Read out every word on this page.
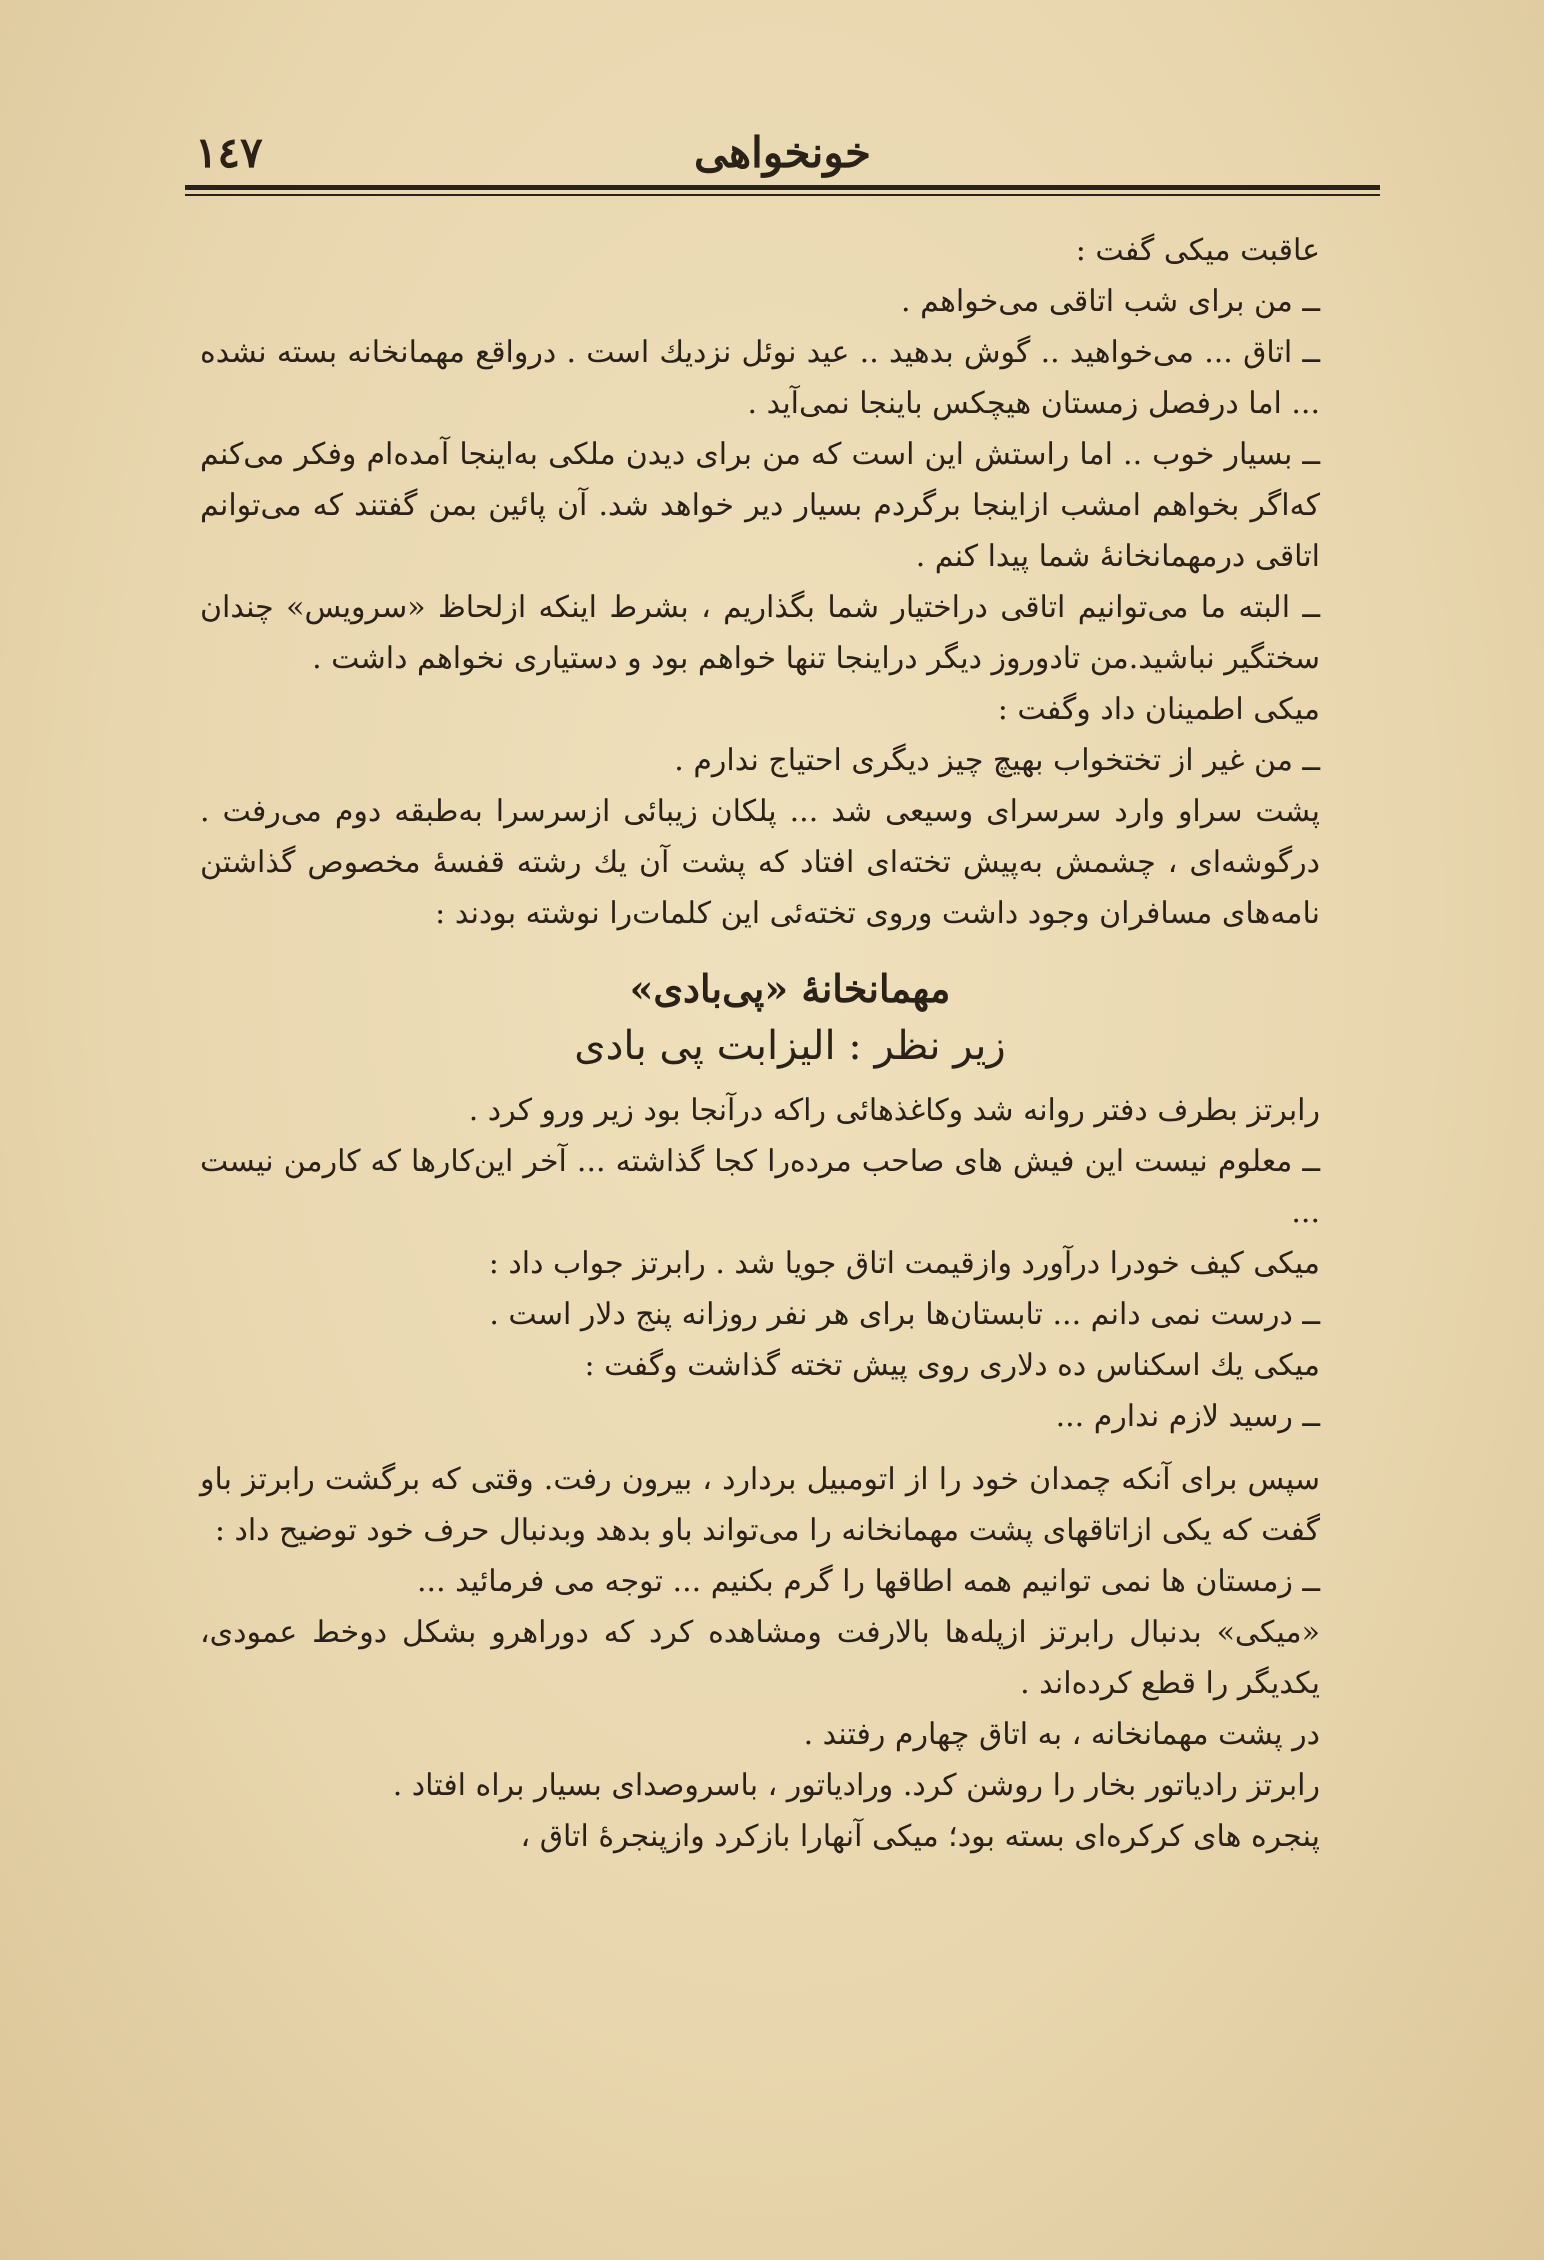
خونخواهی
۱٤۷

عاقبت میکی گفت :

ــ من برای شب اتاقی می‌خواهم .

ــ اتاق ... می‌خواهید .. گوش بدهید .. عید نوئل نزدیك است . درواقع مهمانخانه بسته نشده ... اما درفصل زمستان هیچکس باینجا نمی‌آید .

ــ بسیار خوب .. اما راستش این است که من برای دیدن ملکی به‌اینجا آمده‌ام وفکر می‌کنم که‌اگر بخواهم امشب ازاینجا برگردم بسیار دیر خواهد شد. آن پائین بمن گفتند که می‌توانم اتاقی درمهمانخانهٔ شما پیدا کنم .

ــ البته ما می‌توانیم اتاقی دراختیار شما بگذاریم ، بشرط اینکه ازلحاظ «سرویس» چندان سختگیر نباشید.من تادوروز دیگر دراینجا تنها خواهم بود و دستیاری نخواهم داشت .

میکی اطمینان داد وگفت :

ــ من غیر از تختخواب بهیچ چیز دیگری احتیاج ندارم .

پشت سراو وارد سرسرای وسیعی شد ... پلکان زیبائی ازسرسرا به‌طبقه دوم می‌رفت . درگوشه‌ای ، چشمش به‌پیش تخته‌ای افتاد که پشت آن یك رشته قفسهٔ مخصوص گذاشتن نامه‌های مسافران وجود داشت وروی تخته‌ئی این کلمات‌را نوشته بودند :

مهمانخانهٔ «پی‌بادی»
زیر نظر : الیزابت پی بادی

رابرتز بطرف دفتر روانه شد وکاغذهائی راکه درآنجا بود زیر ورو کرد .

ــ معلوم نیست این فیش های صاحب مرده‌را کجا گذاشته ... آخر این‌کارها که کارمن نیست ...

میکی کیف خودرا درآورد وازقیمت اتاق جویا شد . رابرتز جواب داد :

ــ درست نمی دانم ... تابستان‌ها برای هر نفر روزانه پنج دلار است .

میکی یك اسکناس ده دلاری روی پیش تخته گذاشت وگفت :

ــ رسید لازم ندارم ...

سپس برای آنکه چمدان خود را از اتومبیل بردارد ، بیرون رفت. وقتی که برگشت رابرتز باو گفت که یکی ازاتاقهای پشت مهمانخانه را می‌تواند باو بدهد وبدنبال حرف خود توضیح داد :

ــ زمستان ها نمی توانیم همه اطاقها را گرم بکنیم ... توجه می فرمائید ...

«میکی» بدنبال رابرتز ازپله‌ها بالارفت ومشاهده کرد که دوراهرو بشکل دوخط عمودی، یکدیگر را قطع کرده‌اند .

در پشت مهمانخانه ، به اتاق چهارم رفتند .

رابرتز رادیاتور بخار را روشن کرد. ورادیاتور ، باسروصدای بسیار براه افتاد .

پنجره های کرکره‌ای بسته بود؛ میکی آنهارا بازکرد وازپنجرهٔ اتاق ،
